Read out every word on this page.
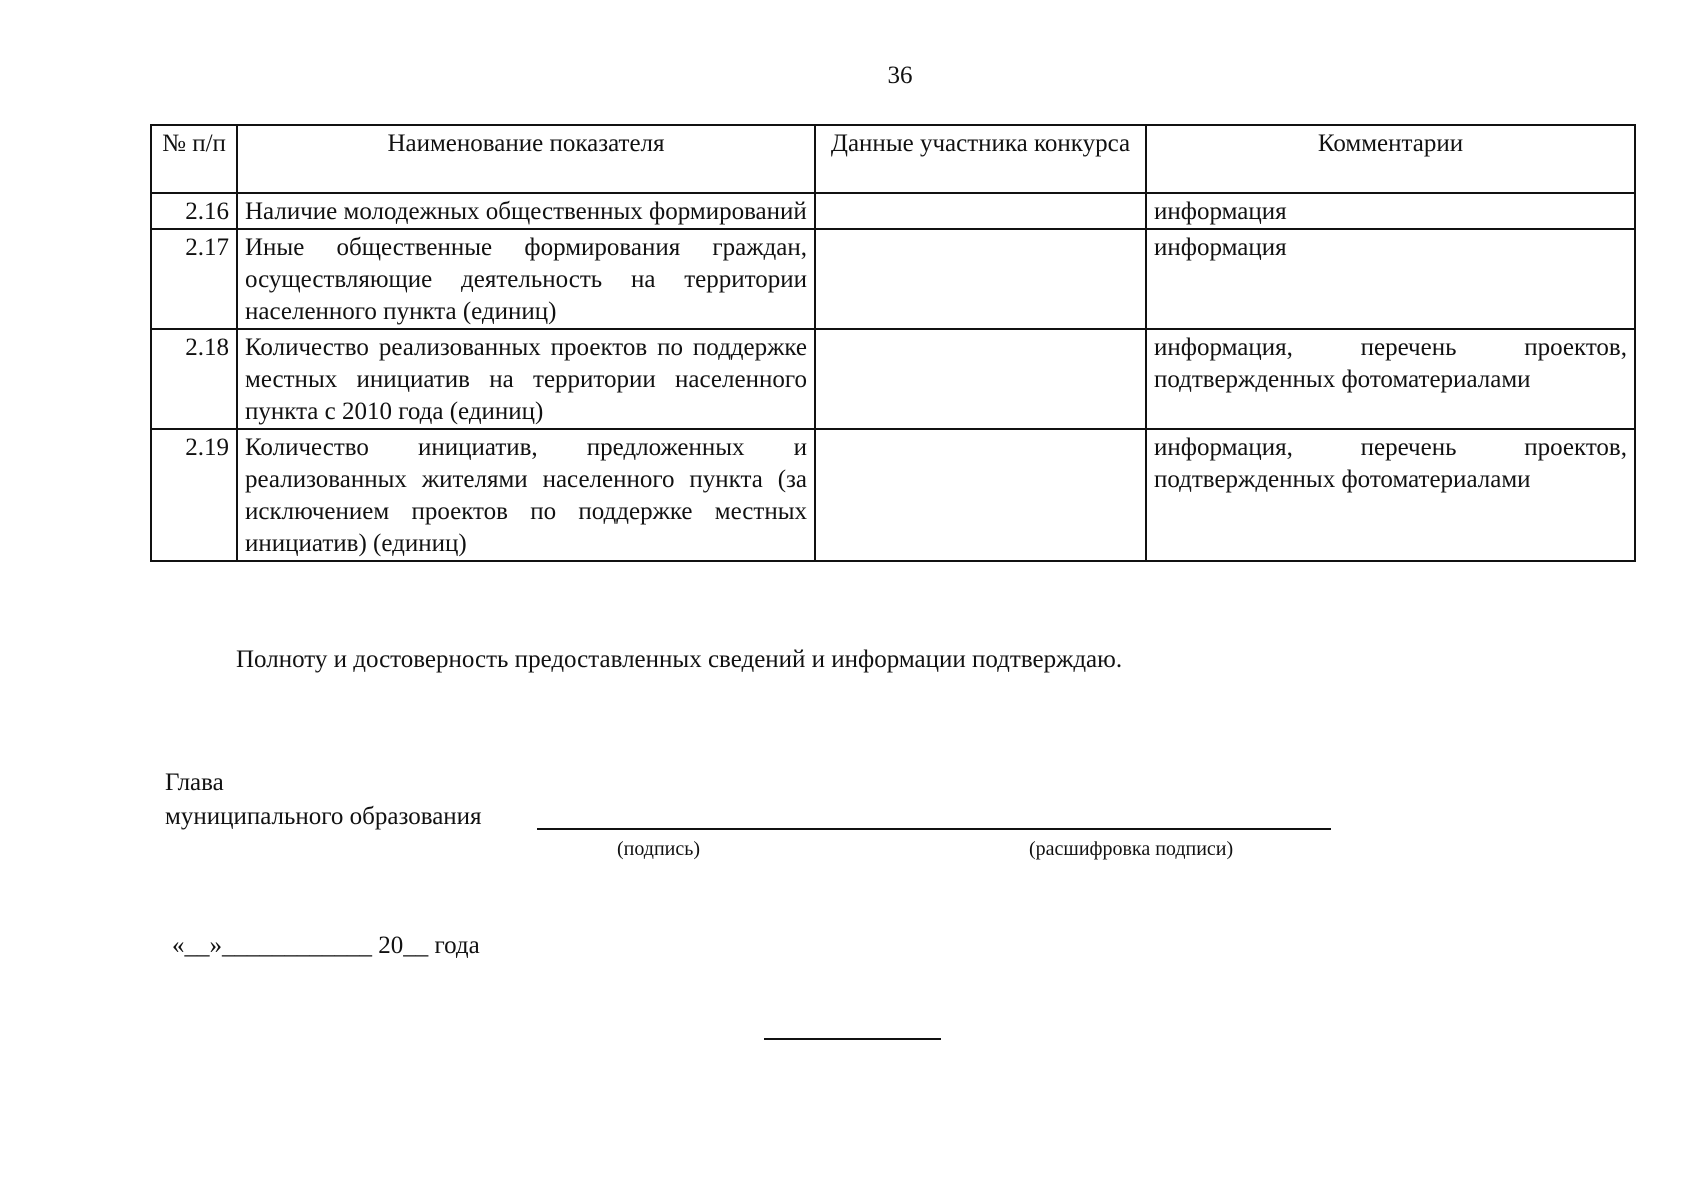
36
№ п/п	Наименование показателя	Данные участника конкурса	Комментарии
2.16	Наличие молодежных общественных формирований		информация
2.17	Иные общественные формирования граждан, осуществляющие деятельность на территории населенного пункта (единиц)		информация
2.18	Количество реализованных проектов по поддержке местных инициатив на территории населенного пункта с 2010 года (единиц)		информация, перечень проектов, подтвержденных фотоматериалами
2.19	Количество инициатив, предложенных и реализованных жителями населенного пункта (за исключением проектов по поддержке местных инициатив) (единиц)		информация, перечень проектов, подтвержденных фотоматериалами
Полноту и достоверность предоставленных сведений и информации подтверждаю.
Глава
муниципального образования
(подпись)	(расшифровка подписи)
«__»____________ 20__ года
